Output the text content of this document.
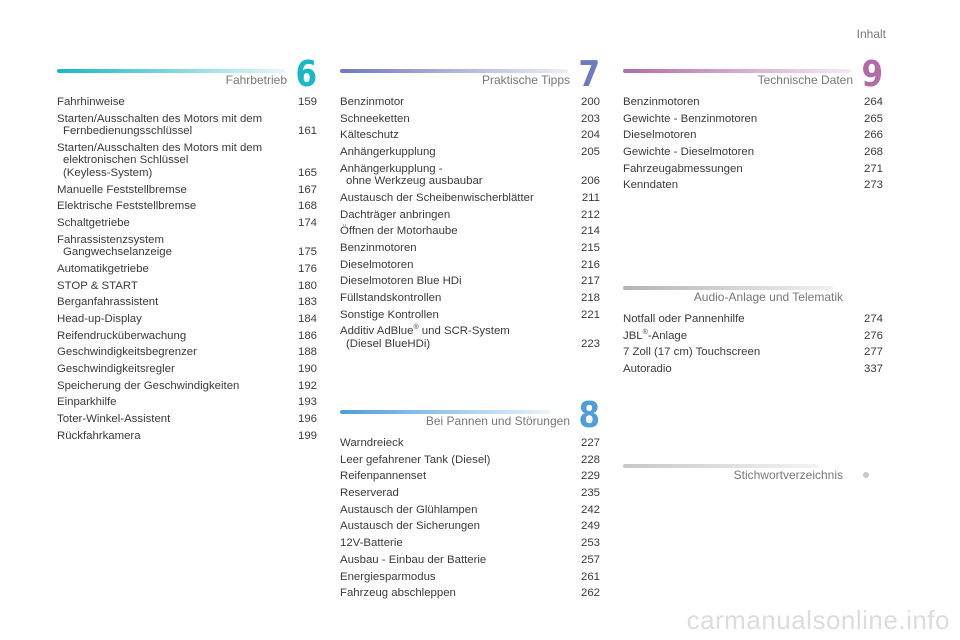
Inhalt
Fahrbetrieb 6
Fahrhinweise	159
Starten/Ausschalten des Motors mit dem
Fernbedienungsschlüssel	161
Starten/Ausschalten des Motors mit dem
elektronischen Schlüssel
(Keyless-System)	165
Manuelle Feststellbremse	167
Elektrische Feststellbremse	168
Schaltgetriebe	174
Fahrassistenzsystem
Gangwechselanzeige	175
Automatikgetriebe	176
STOP & START	180
Berganfahrassistent	183
Head-up-Display	184
Reifendrucküberwachung	186
Geschwindigkeitsbegrenzer	188
Geschwindigkeitsregler	190
Speicherung der Geschwindigkeiten	192
Einparkhilfe	193
Toter-Winkel-Assistent	196
Rückfahrkamera	199
Praktische Tipps 7
Benzinmotor	200
Schneeketten	203
Kälteschutz	204
Anhängerkupplung	205
Anhängerkupplung -
ohne Werkzeug ausbaubar	206
Austausch der Scheibenwischerblätter	211
Dachträger anbringen	212
Öffnen der Motorhaube	214
Benzinmotoren	215
Dieselmotoren	216
Dieselmotoren Blue HDi	217
Füllstandskontrollen	218
Sonstige Kontrollen	221
Additiv AdBlue® und SCR-System
(Diesel BlueHDi)	223
Bei Pannen und Störungen 8
Warndreieck	227
Leer gefahrener Tank (Diesel)	228
Reifenpannenset	229
Reserverad	235
Austausch der Glühlampen	242
Austausch der Sicherungen	249
12V-Batterie	253
Ausbau - Einbau der Batterie	257
Energiesparmodus	261
Fahrzeug abschleppen	262
Technische Daten 9
Benzinmotoren	264
Gewichte - Benzinmotoren	265
Dieselmotoren	266
Gewichte - Dieselmotoren	268
Fahrzeugabmessungen	271
Kenndaten	273
Audio-Anlage und Telematik
Notfall oder Pannenhilfe	274
JBL®-Anlage	276
7 Zoll (17 cm) Touchscreen	277
Autoradio	337
Stichwortverzeichnis
carmanualsonline.info
